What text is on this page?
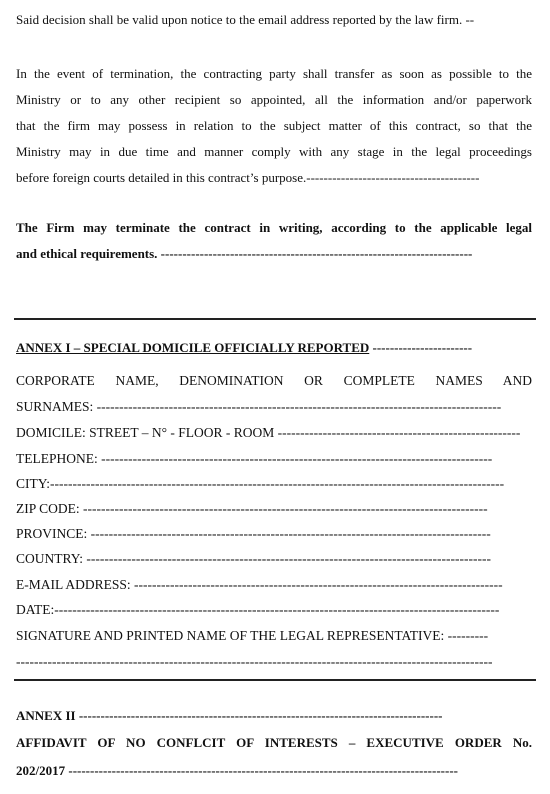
Said decision shall be valid upon notice to the email address reported by the law firm. --
In the event of termination, the contracting party shall transfer as soon as possible to the
Ministry or to any other recipient so appointed, all the information and/or paperwork
that the firm may possess in relation to the subject matter of this contract, so that the
Ministry may in due time and manner comply with any stage in the legal proceedings
before foreign courts detailed in this contract’s purpose.----------------------------------------
The Firm may terminate the contract in writing, according to the applicable legal
and ethical requirements. ------------------------------------------------------------------------
ANNEX I – SPECIAL DOMICILE OFFICIALLY REPORTED -----------------------
CORPORATE NAME, DENOMINATION OR COMPLETE NAMES AND
SURNAMES: ------------------------------------------------------------------------------------------
DOMICILE: STREET – N° - FLOOR - ROOM ------------------------------------------------------
TELEPHONE: ---------------------------------------------------------------------------------------
CITY:-----------------------------------------------------------------------------------------------------
ZIP CODE: ------------------------------------------------------------------------------------------
PROVINCE: -----------------------------------------------------------------------------------------
COUNTRY: ------------------------------------------------------------------------------------------
E-MAIL ADDRESS: ----------------------------------------------------------------------------------
DATE:---------------------------------------------------------------------------------------------------
SIGNATURE AND PRINTED NAME OF THE LEGAL REPRESENTATIVE: ---------
----------------------------------------------------------------------------------------------------------
ANNEX II ------------------------------------------------------------------------------------
AFFIDAVIT OF NO CONFLCIT OF INTERESTS – EXECUTIVE ORDER No.
202/2017 ------------------------------------------------------------------------------------------
